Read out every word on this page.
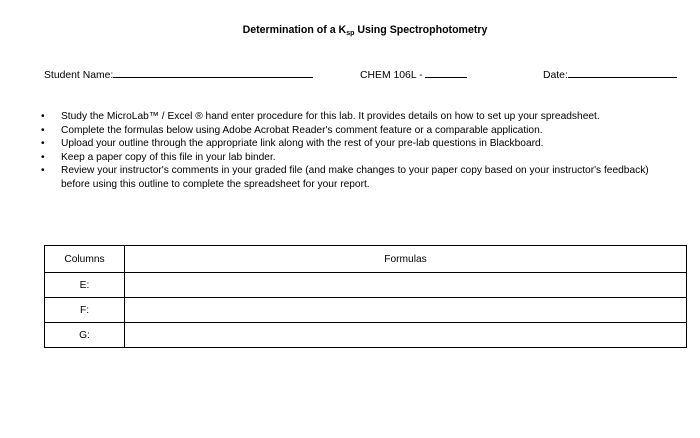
Determination of a $K_{sp}$ Using Spectrophotometry
Student Name:	CHEM 106L -	Date:
• Study the MicroLab™ / Excel ® hand enter procedure for this lab. It provides details on how to set up your spreadsheet.
• Complete the formulas below using Adobe Acrobat Reader's comment feature or a comparable application.
• Upload your outline through the appropriate link along with the rest of your pre-lab questions in Blackboard.
• Keep a paper copy of this file in your lab binder.
• Review your instructor's comments in your graded file (and make changes to your paper copy based on your instructor's feedback) before using this outline to complete the spreadsheet for your report.
Columns	Formulas
E:	
F:	
G:	
